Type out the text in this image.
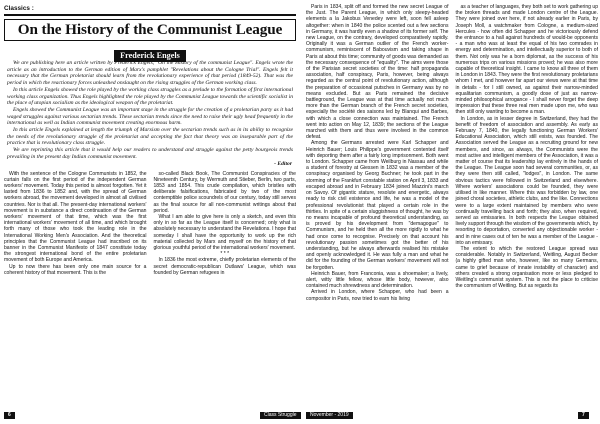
Classics :
On the History of the Communist League
Frederick Engels

We are publishing here an article written by Frederick Engels, "On the History of the communist League". Engels wrote the article as an introduction to the German edition of Marx's pamphlet "Revelations about the Cologne Trial". Engels felt it necessary that the German proletariat should learn from the revolutionary experience of that period (1849-52). That was the period in which the reactionary forces unleashed onslaught on the rising struggles of the German working class.

In this article Engels showed the role played by the working class struggles as a prelude to the formation of first international working class organization. Thus Engels highlighted the role played by the Communist League towards the scientific socialist in the place of utopian socialism as the ideological weapon of the proletariat.

Engels showed the Communist League was an important stage in the struggle for the creation of a proletarian party as it had waged struggles against various sectarian trends. These sectarian trends since the need to raise their ugly head frequently in the international as well as Indian communist movement creating enormous harm.

In this article Engels explained at length the triumph of Marxism over the sectarian trends such as in its ability to recognize the needs of the revolutionary struggle of the proletariat and accepting the fact that theory was an inseparable part of the practice that is revolutionary class struggle.

We are reprinting this article that it would help our readers to understand and struggle against the petty bourgeois trends prevailing in the present day Indian communist movement.

- Editor

With the sentence of the Cologne Communists in 1852, the curtain falls on the first period of the independent German workers' movement. Today this period is almost forgotten. Yet it lasted from 1836 to 1852 and, with the spread of German workers abroad, the movement developed in almost all civilised countries. Nor is that all. The present-day international workers' movement is in substance a direct continuation of the German workers' movement of that time, which was the first international workers' movement of all time, and which brought forth many of those who took the leading role in the International Working Men's Association. And the theoretical principles that the Communist League had inscribed on its banner in the Communist Manifesto of 1847 constitute today the strongest international bond of the entire proletarian movement of both Europe and America.

Up to now there has been only one main source for a coherent history of that movement. This is the

so-called Black Book, The Communist Conspiracies of the Nineteenth Century, by Wermuth and Stieber, Berlin, two parts, 1853 and 1854. This crude compilation, which bristles with deliberate falsifications, fabricated by two of the most contemptible police scoundrels of our century, today still serves as the final source for all non-communist writings about that period.

What I am able to give here is only a sketch, and even this only in so far as the League itself is concerned; only what is absolutely necessary to understand the Revelations. I hope that someday I shall have the opportunity to work up the rich material collected by Marx and myself on the history of that glorious youthful period of the international workers' movement.

* * *

In 1836 the most extreme, chiefly proletarian elements of the secret democratic-republican Outlaws' League, which was founded by German refugees in

6	Class Struggle

Paris in 1834, split off and formed the new secret League of the Just. The Parent League, in which only sleepy-headed elements a la Jakobus Venedey were left, soon fell asleep altogether: when in 1840 the police scented out a few sections in Germany, it was hardly even a shadow of its former self. The new League, on the contrary, developed comparatively rapidly. Originally it was a German outlier of the French worker-communism, reminiscent of Babouvism and taking shape in Paris at about this time; community of goods was demanded as the necessary consequence of "equality". The aims were those of the Parisian secret societies of the time: half propaganda association, half conspiracy, Paris, however, being always regarded as the central point of revolutionary action, although the preparation of occasional putsches in Germany was by no means excluded. But as Paris remained the decisive battleground, the League was at that time actually not much more than the German branch of the French secret societies, especially the société des saisons led by Blanqui and Barbes, with which a close connection was maintained. The French went into action on May 12, 1839; the sections of the League marched with them and thus were involved in the common defeat.

Among the Germans arrested were Karl Schapper and Heinrich Bauer; Louis Philippe's government contented itself with deporting them after a fairly long imprisonment. Both went to London. Schapper came from Weilburg in Nassau and while a student of forestry at Giessen in 1832 was a member of the conspiracy organised by Georg Buchner; he took part in the storming of the Frankfurt constable station on April 3, 1833 and escaped abroad and in February 1834 joined Mazzini's march on Savoy. Of gigantic stature, resolute and energetic, always ready to risk civil existence and life, he was a model of the professional revolutionist that played a certain role in the thirties. In spite of a certain sluggishness of thought, he was by no means incapable of profound theoretical understanding, as is proved by his development from "demagogue" to Communism, and he held then all the more rigidly to what he had once come to recognise. Precisely on that account his revolutionary passion sometimes got the better of his understanding, but he always afterwards realised his mistake and openly acknowledged it. He was fully a man and what he did for the founding of the German workers' movement will not be forgotten.

Heinrich Bauer, from Franconia, was a shoemaker; a lively, alert, witty little fellow, whose little body, however, also contained much shrewdness and determination.

Arrived in London, where Schapper, who had been a compositor in Paris, now tried to earn his living

as a teacher of languages, they both set to work gathering up the broken threads and made London centre of the League. They were joined over here, if not already earlier in Paris, by Joseph Moll, a watchmaker from Cologne, a medium-sized Hercules - how often did Schapper and he victoriously defend the entrance to a hall against hundreds of would-be opponents - a man who was at least the equal of his two comrades in energy and determination, and intellectually superior to both of them. Not only was he a born diplomat, as the success of his numerous trips on various missions proved; he was also more capable of theoretical insight. I came to know all three of them in London in 1843. They were the first revolutionary proletarians whom I met, and however far apart our views were at that time in details - for I still owned, as against their narrow-minded equalitarian communism, a goodly dose of just as narrow-minded philosophical arrogance - I shall never forget the deep impression that these three real men made upon me, who was then still only wanting to become a man.

In London, as in lesser degree in Switzerland, they had the benefit of freedom of association and assembly. As early as February 7, 1840, the legally functioning German Workers' Educational Association, which still exists, was founded. The Association served the League as a recruiting ground for new members, and since, as always, the Communists were the most active and intelligent members of the Association, it was a matter of course that its leadership lay entirely in the hands of the League. The League soon had several communities, or, as they were then still called, "lodges", in London. The same obvious tactics were followed in Switzerland and elsewhere. Where workers' associations could be founded, they were utilised in like manner. Where this was forbidden by law, one joined choral societies, athletic clubs, and the like. Connections were to a large extent maintained by members who were continually travelling back and forth; they also, when required, served as emissaries. In both respects the League obtained lively support through the wisdom of the governments which, by resorting to deportation, converted any objectionable worker - and in nine cases out of ten he was a member of the League - into an emissary.

The extent to which the restored League spread was considerable. Notably in Switzerland, Weitling, August Becker (a highly gifted man who, however, like so many Germans, came to grief because of innate instability of character) and others created a strong organisation more or less pledged to Weitling's communist system. This is not the place to criticise the communism of Weitling. But as regards its

November - 2019	7
